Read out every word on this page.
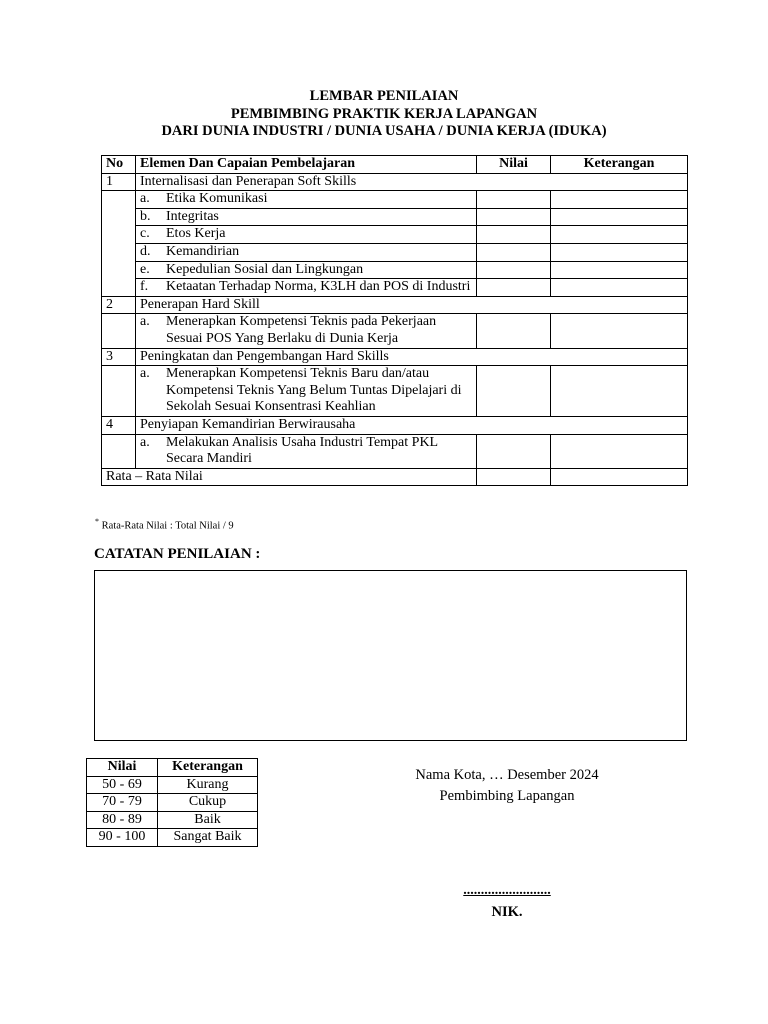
LEMBAR PENILAIAN
PEMBIMBING PRAKTIK KERJA LAPANGAN
DARI DUNIA INDUSTRI / DUNIA USAHA / DUNIA KERJA (IDUKA)
No	Elemen Dan Capaian Pembelajaran	Nilai	Keterangan
1	Internalisasi dan Penerapan Soft Skills		

	a. Etika Komunikasi		

	b. Integritas		

	c. Etos Kerja		

	d. Kemandirian		

	e. Kepedulian Sosial dan Lingkungan		

	f. Ketaatan Terhadap Norma, K3LH dan POS di Industri		

2	Penerapan Hard Skill		

	a. Menerapkan Kompetensi Teknis pada Pekerjaan Sesuai POS Yang Berlaku di Dunia Kerja		

3	Peningkatan dan Pengembangan Hard Skills		

	a. Menerapkan Kompetensi Teknis Baru dan/atau Kompetensi Teknis Yang Belum Tuntas Dipelajari di Sekolah Sesuai Konsentrasi Keahlian		

4	Penyiapan Kemandirian Berwirausaha		

	a. Melakukan Analisis Usaha Industri Tempat PKL Secara Mandiri		

Rata – Rata Nilai			
* Rata-Rata Nilai : Total Nilai / 9
CATATAN PENILAIAN :
Nilai	Keterangan
50 - 69	Kurang
70 - 79	Cukup
80 - 89	Baik
90 - 100	Sangat Baik
Nama Kota, … Desember 2024
Pembimbing Lapangan
.........................
NIK.
